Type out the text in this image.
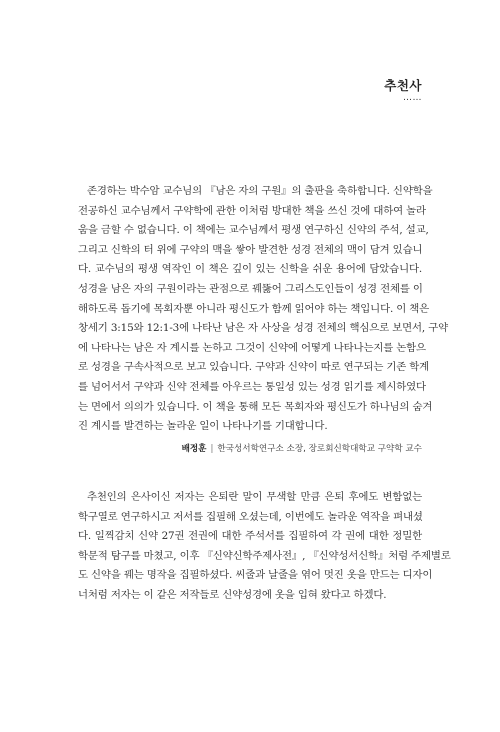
추천사
……
존경하는 박수암 교수님의 『남은 자의 구원』의 출판을 축하합니다. 신약학을
전공하신 교수님께서 구약학에 관한 이처럼 방대한 책을 쓰신 것에 대하여 놀라
움을 금할 수 없습니다. 이 책에는 교수님께서 평생 연구하신 신약의 주석, 설교,
그리고 신학의 터 위에 구약의 맥을 쌓아 발견한 성경 전체의 맥이 담겨 있습니
다. 교수님의 평생 역작인 이 책은 깊이 있는 신학을 쉬운 용어에 담았습니다.
성경을 남은 자의 구원이라는 관점으로 꿰뚫어 그리스도인들이 성경 전체를 이
해하도록 돕기에 목회자뿐 아니라 평신도가 함께 읽어야 하는 책입니다. 이 책은
창세기 3:15와 12:1-3에 나타난 남은 자 사상을 성경 전체의 핵심으로 보면서, 구약
에 나타나는 남은 자 계시를 논하고 그것이 신약에 어떻게 나타나는지를 논함으
로 성경을 구속사적으로 보고 있습니다. 구약과 신약이 따로 연구되는 기존 학계
를 넘어서서 구약과 신약 전체를 아우르는 통일성 있는 성경 읽기를 제시하였다
는 면에서 의의가 있습니다. 이 책을 통해 모든 목회자와 평신도가 하나님의 숨겨
진 계시를 발견하는 놀라운 일이 나타나기를 기대합니다.
배정훈 | 한국성서학연구소 소장, 장로회신학대학교 구약학 교수
추천인의 은사이신 저자는 은퇴란 말이 무색할 만큼 은퇴 후에도 변함없는
학구열로 연구하시고 저서를 집필해 오셨는데, 이번에도 놀라운 역작을 펴내셨
다. 일찍감치 신약 27권 전권에 대한 주석서를 집필하여 각 권에 대한 정밀한
학문적 탐구를 마쳤고, 이후 『신약신학주제사전』, 『신약성서신학』처럼 주제별로
도 신약을 꿰는 명작을 집필하셨다. 씨줄과 날줄을 엮어 멋진 옷을 만드는 디자이
너처럼 저자는 이 같은 저작들로 신약성경에 옷을 입혀 왔다고 하겠다.
